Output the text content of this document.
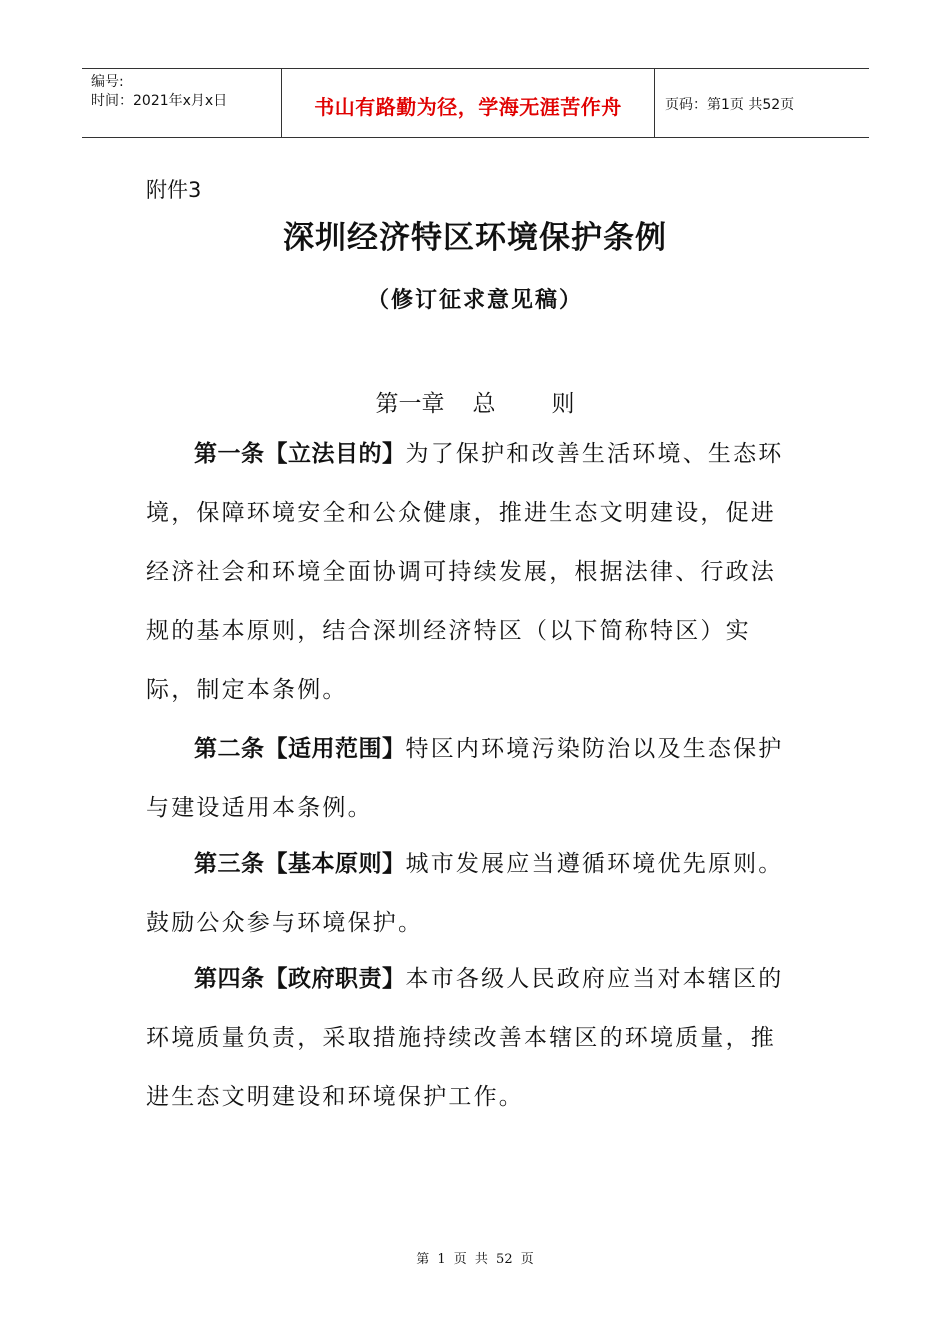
编号:
时间：2021年x月x日	书山有路勤为径，学海无涯苦作舟	页码：第1页 共52页
附件3
深圳经济特区环境保护条例
（修订征求意见稿）
第一章 总 则
第一条【立法目的】为了保护和改善生活环境、生态环境，保障环境安全和公众健康，推进生态文明建设，促进经济社会和环境全面协调可持续发展，根据法律、行政法规的基本原则，结合深圳经济特区（以下简称特区）实际，制定本条例。
第二条【适用范围】特区内环境污染防治以及生态保护与建设适用本条例。
第三条【基本原则】城市发展应当遵循环境优先原则。鼓励公众参与环境保护。
第四条【政府职责】本市各级人民政府应当对本辖区的环境质量负责，采取措施持续改善本辖区的环境质量，推进生态文明建设和环境保护工作。
第 1 页 共 52 页
